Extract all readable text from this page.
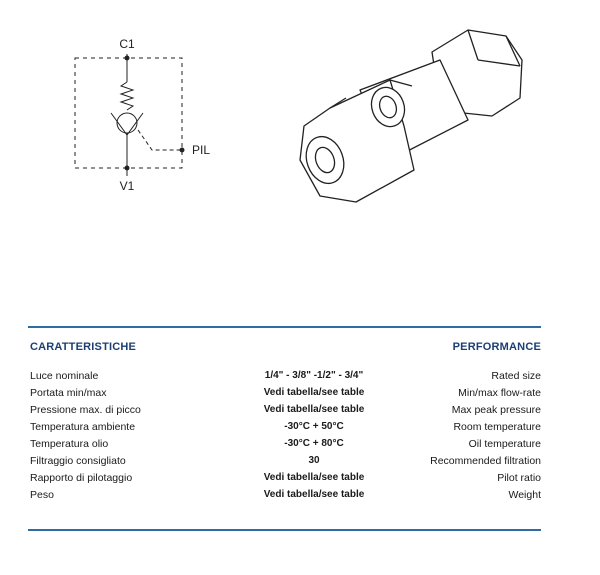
C1
V1
PIL
CARATTERISTICHE	PERFORMANCE
Luce nominale	1/4" - 3/8" -1/2" - 3/4"	Rated size
Portata min/max	Vedi tabella/see table	Min/max flow-rate
Pressione max. di picco	Vedi tabella/see table	Max peak pressure
Temperatura ambiente	-30°C + 50°C	Room temperature
Temperatura olio	-30°C + 80°C	Oil temperature
Filtraggio consigliato	30	Recommended filtration
Rapporto di pilotaggio	Vedi tabella/see table	Pilot ratio
Peso	Vedi tabella/see table	Weight
